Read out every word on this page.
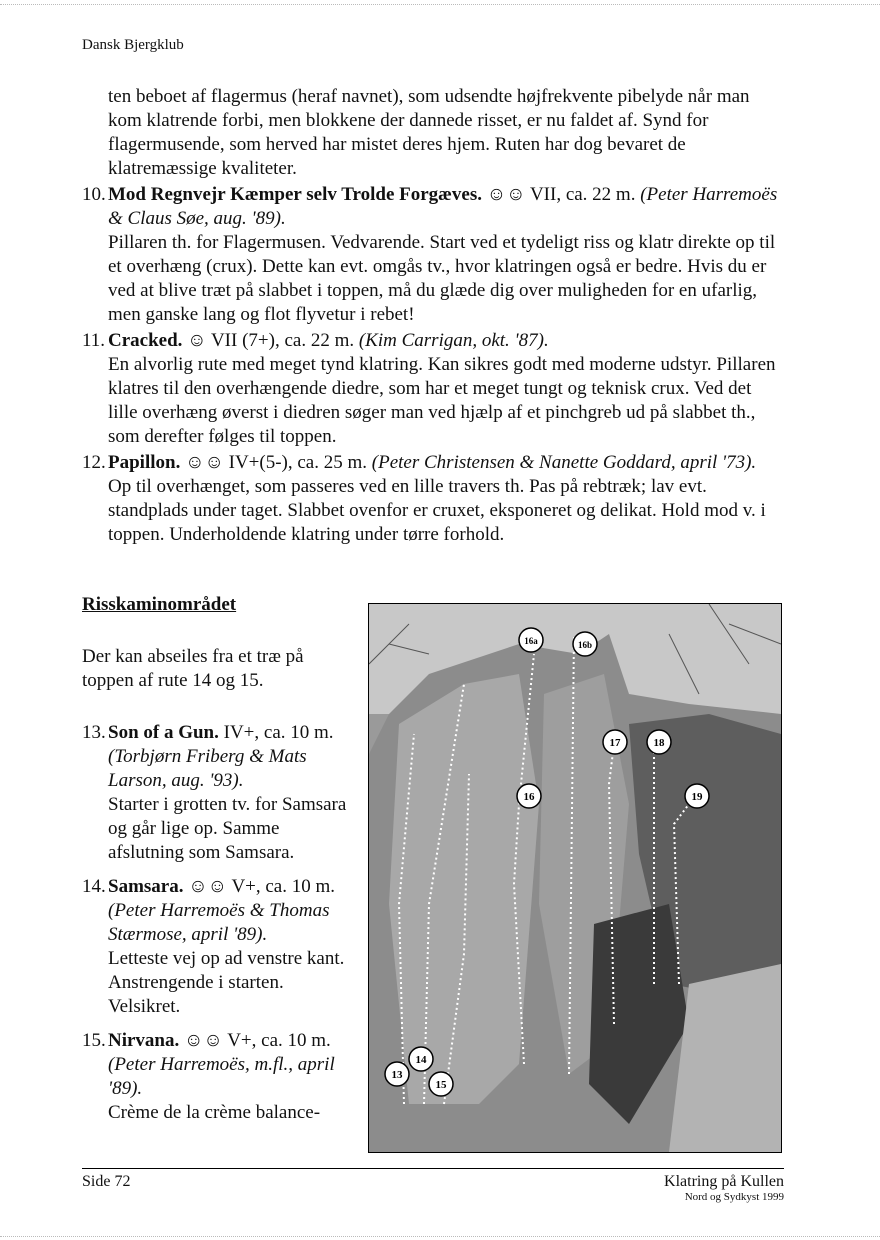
Dansk Bjergklub

ten beboet af flagermus (heraf navnet), som udsendte højfrekvente pibelyde når man kom klatrende forbi, men blokkene der dannede risset, er nu faldet af. Synd for flagermusende, som herved har mistet deres hjem. Ruten har dog bevaret de klatremæssige kvaliteter.

10. Mod Regnvejr Kæmper selv Trolde Forgæves. ☺☺ VII, ca. 22 m. (Peter Harremoës & Claus Søe, aug. '89).
Pillaren th. for Flagermusen. Vedvarende. Start ved et tydeligt riss og klatr direkte op til et overhæng (crux). Dette kan evt. omgås tv., hvor klatringen også er bedre. Hvis du er ved at blive træt på slabbet i toppen, må du glæde dig over muligheden for en ufarlig, men ganske lang og flot flyvetur i rebet!
11. Cracked. ☺ VII (7+), ca. 22 m. (Kim Carrigan, okt. '87).
En alvorlig rute med meget tynd klatring. Kan sikres godt med moderne udstyr. Pillaren klatres til den overhængende diedre, som har et meget tungt og teknisk crux. Ved det lille overhæng øverst i diedren søger man ved hjælp af et pinchgreb ud på slabbet th., som derefter følges til toppen.
12. Papillon. ☺☺ IV+(5-), ca. 25 m. (Peter Christensen & Nanette Goddard, april '73).
Op til overhænget, som passeres ved en lille travers th. Pas på rebtræk; lav evt. standplads under taget. Slabbet ovenfor er cruxet, eksponeret og delikat. Hold mod v. i toppen. Underholdende klatring under tørre forhold.

Risskaminområdet

Der kan abseiles fra et træ på toppen af rute 14 og 15.

13. Son of a Gun. IV+, ca. 10 m. (Torbjørn Friberg & Mats Larson, aug. '93).
Starter i grotten tv. for Samsara og går lige op. Samme afslutning som Samsara.
14. Samsara. ☺☺ V+, ca. 10 m. (Peter Harremoës & Thomas Stærmose, april '89).
Letteste vej op ad venstre kant. Anstrengende i starten. Velsikret.
15. Nirvana. ☺☺ V+, ca. 10 m. (Peter Harremoës, m.fl., april '89).
Crème de la crème balance-
16a	16b
17	18
16	19
13
14
15
Side 72	Klatring på Kullen
Nord og Sydkyst 1999
